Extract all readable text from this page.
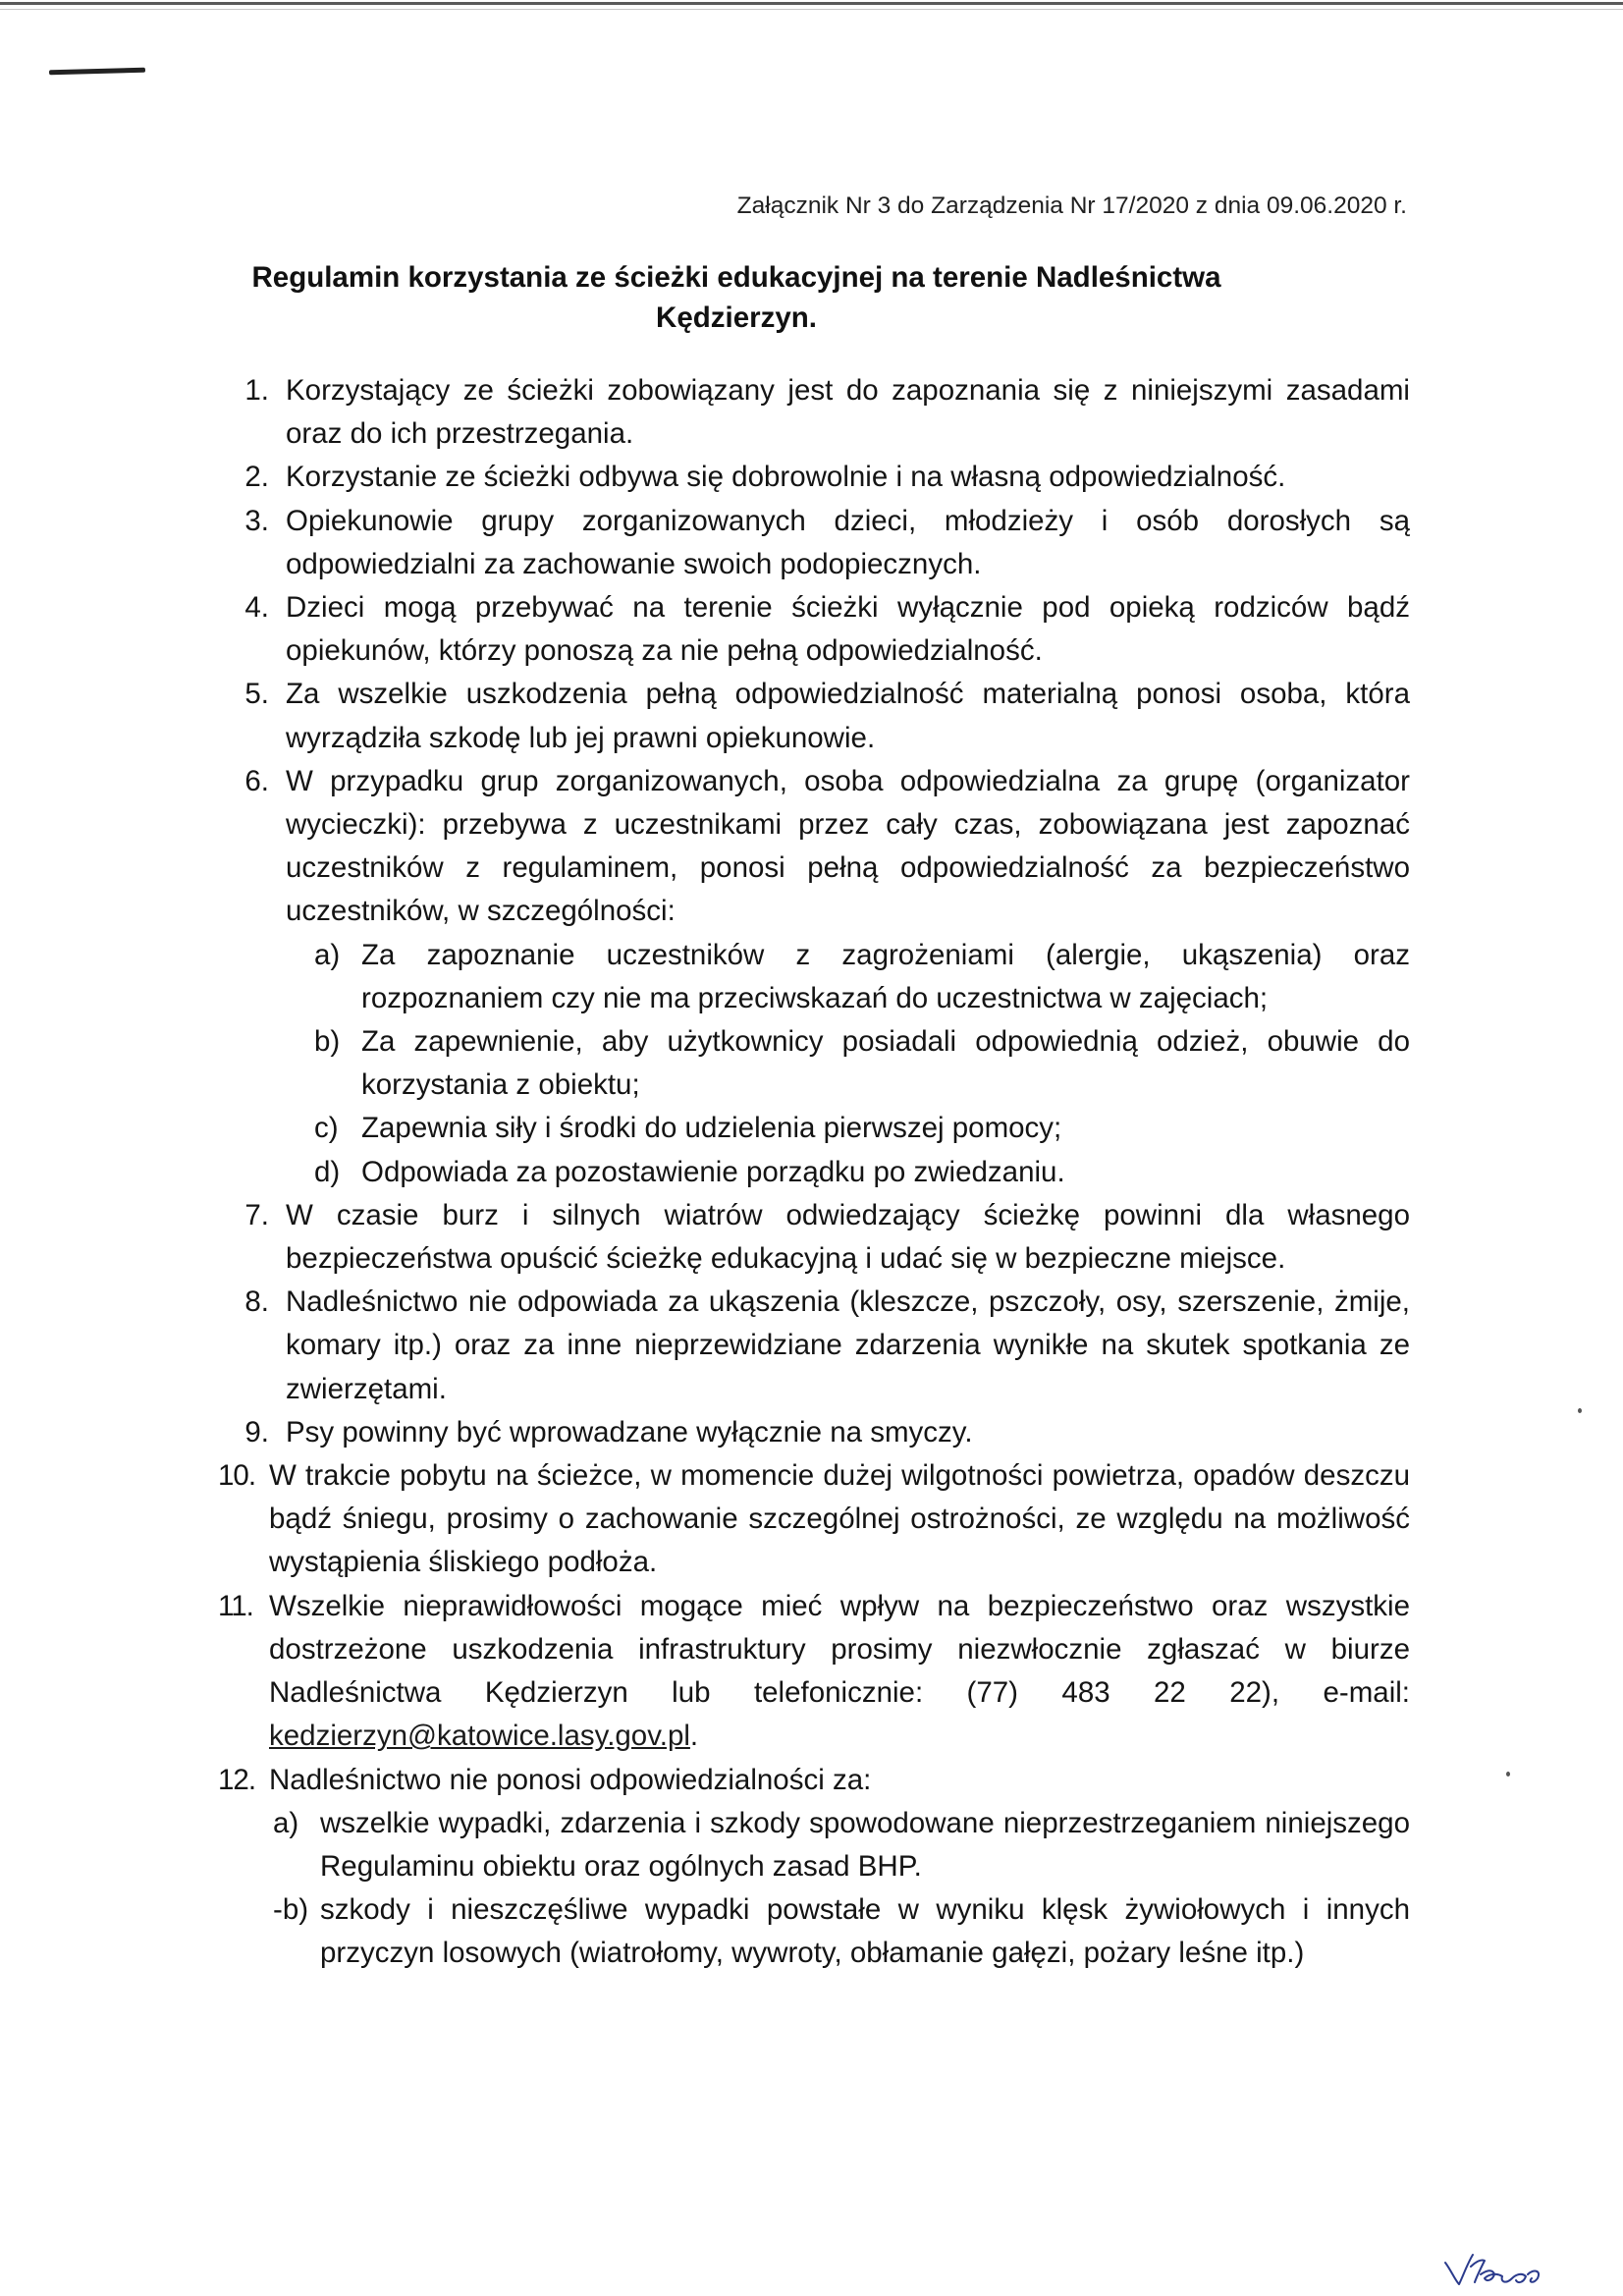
Załącznik Nr 3 do Zarządzenia Nr 17/2020 z dnia 09.06.2020 r.
Regulamin korzystania ze ścieżki edukacyjnej na terenie Nadleśnictwa Kędzierzyn.
1. Korzystający ze ścieżki zobowiązany jest do zapoznania się z niniejszymi zasadami oraz do ich przestrzegania.
2. Korzystanie ze ścieżki odbywa się dobrowolnie i na własną odpowiedzialność.
3. Opiekunowie grupy zorganizowanych dzieci, młodzieży i osób dorosłych są odpowiedzialni za zachowanie swoich podopiecznych.
4. Dzieci mogą przebywać na terenie ścieżki wyłącznie pod opieką rodziców bądź opiekunów, którzy ponoszą za nie pełną odpowiedzialność.
5. Za wszelkie uszkodzenia pełną odpowiedzialność materialną ponosi osoba, która wyrządziła szkodę lub jej prawni opiekunowie.
6. W przypadku grup zorganizowanych, osoba odpowiedzialna za grupę (organizator wycieczki): przebywa z uczestnikami przez cały czas, zobowiązana jest zapoznać uczestników z regulaminem, ponosi pełną odpowiedzialność za bezpieczeństwo uczestników, w szczególności:
a) Za zapoznanie uczestników z zagrożeniami (alergie, ukąszenia) oraz rozpoznaniem czy nie ma przeciwskazań do uczestnictwa w zajęciach;
b) Za zapewnienie, aby użytkownicy posiadali odpowiednią odzież, obuwie do korzystania z obiektu;
c) Zapewnia siły i środki do udzielenia pierwszej pomocy;
d) Odpowiada za pozostawienie porządku po zwiedzaniu.
7. W czasie burz i silnych wiatrów odwiedzający ścieżkę powinni dla własnego bezpieczeństwa opuścić ścieżkę edukacyjną i udać się w bezpieczne miejsce.
8. Nadleśnictwo nie odpowiada za ukąszenia (kleszcze, pszczoły, osy, szerszenie, żmije, komary itp.) oraz za inne nieprzewidziane zdarzenia wynikłe na skutek spotkania ze zwierzętami.
9. Psy powinny być wprowadzane wyłącznie na smyczy.
10. W trakcie pobytu na ścieżce, w momencie dużej wilgotności powietrza, opadów deszczu bądź śniegu, prosimy o zachowanie szczególnej ostrożności, ze względu na możliwość wystąpienia śliskiego podłoża.
11. Wszelkie nieprawidłowości mogące mieć wpływ na bezpieczeństwo oraz wszystkie dostrzeżone uszkodzenia infrastruktury prosimy niezwłocznie zgłaszać w biurze Nadleśnictwa Kędzierzyn lub telefonicznie: (77) 483 22 22), e-mail: kedzierzyn@katowice.lasy.gov.pl.
12. Nadleśnictwo nie ponosi odpowiedzialności za:
a) wszelkie wypadki, zdarzenia i szkody spowodowane nieprzestrzeganiem niniejszego Regulaminu obiektu oraz ogólnych zasad BHP.
-b) szkody i nieszczęśliwe wypadki powstałe w wyniku klęsk żywiołowych i innych przyczyn losowych (wiatrołomy, wywroty, obłamanie gałęzi, pożary leśne itp.)
